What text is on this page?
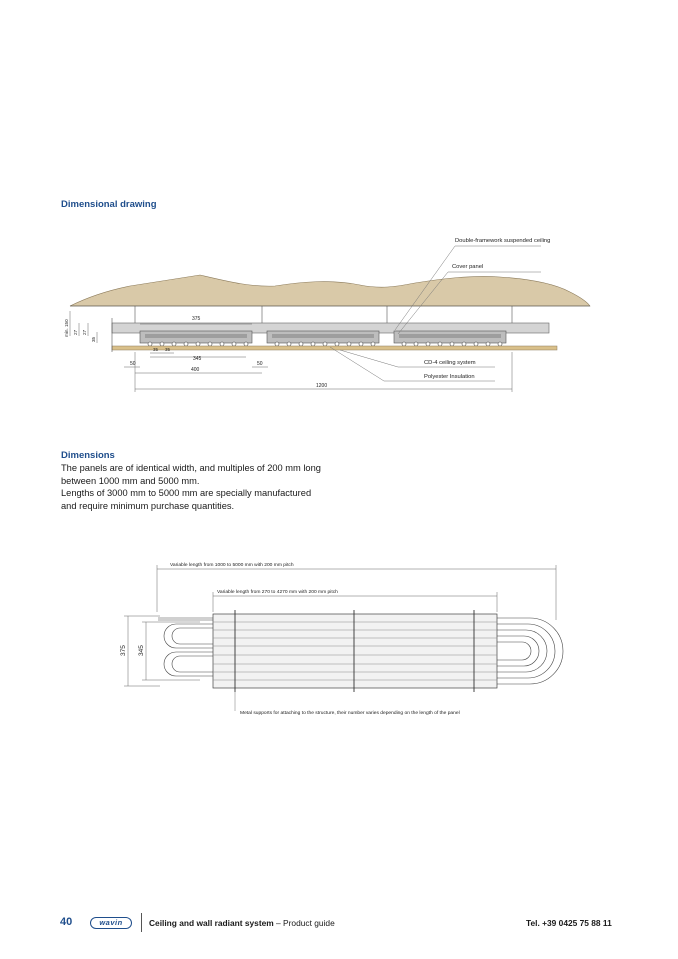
Dimensional drawing
Double-framework suspended ceiling
Cover panel
CD-4 ceiling system
Polyester Insulation
375
345
400
1200
50	50
35 35
min. 150 27 27
35
Dimensions
The panels are of identical width, and multiples of 200 mm long
between 1000 mm and 5000 mm.
Lengths of 3000 mm to 5000 mm are specially manufactured
and require minimum purchase quantities.
Variable length from 1000 to 5000 mm with 200 mm pitch
Variable length from 270 to 4270 mm with 200 mm pitch
375 345
Metal supports for attaching to the structure, their number varies depending on the length of the panel
40	wavin	Ceiling and wall radiant system – Product guide	Tel. +39 0425 75 88 11
